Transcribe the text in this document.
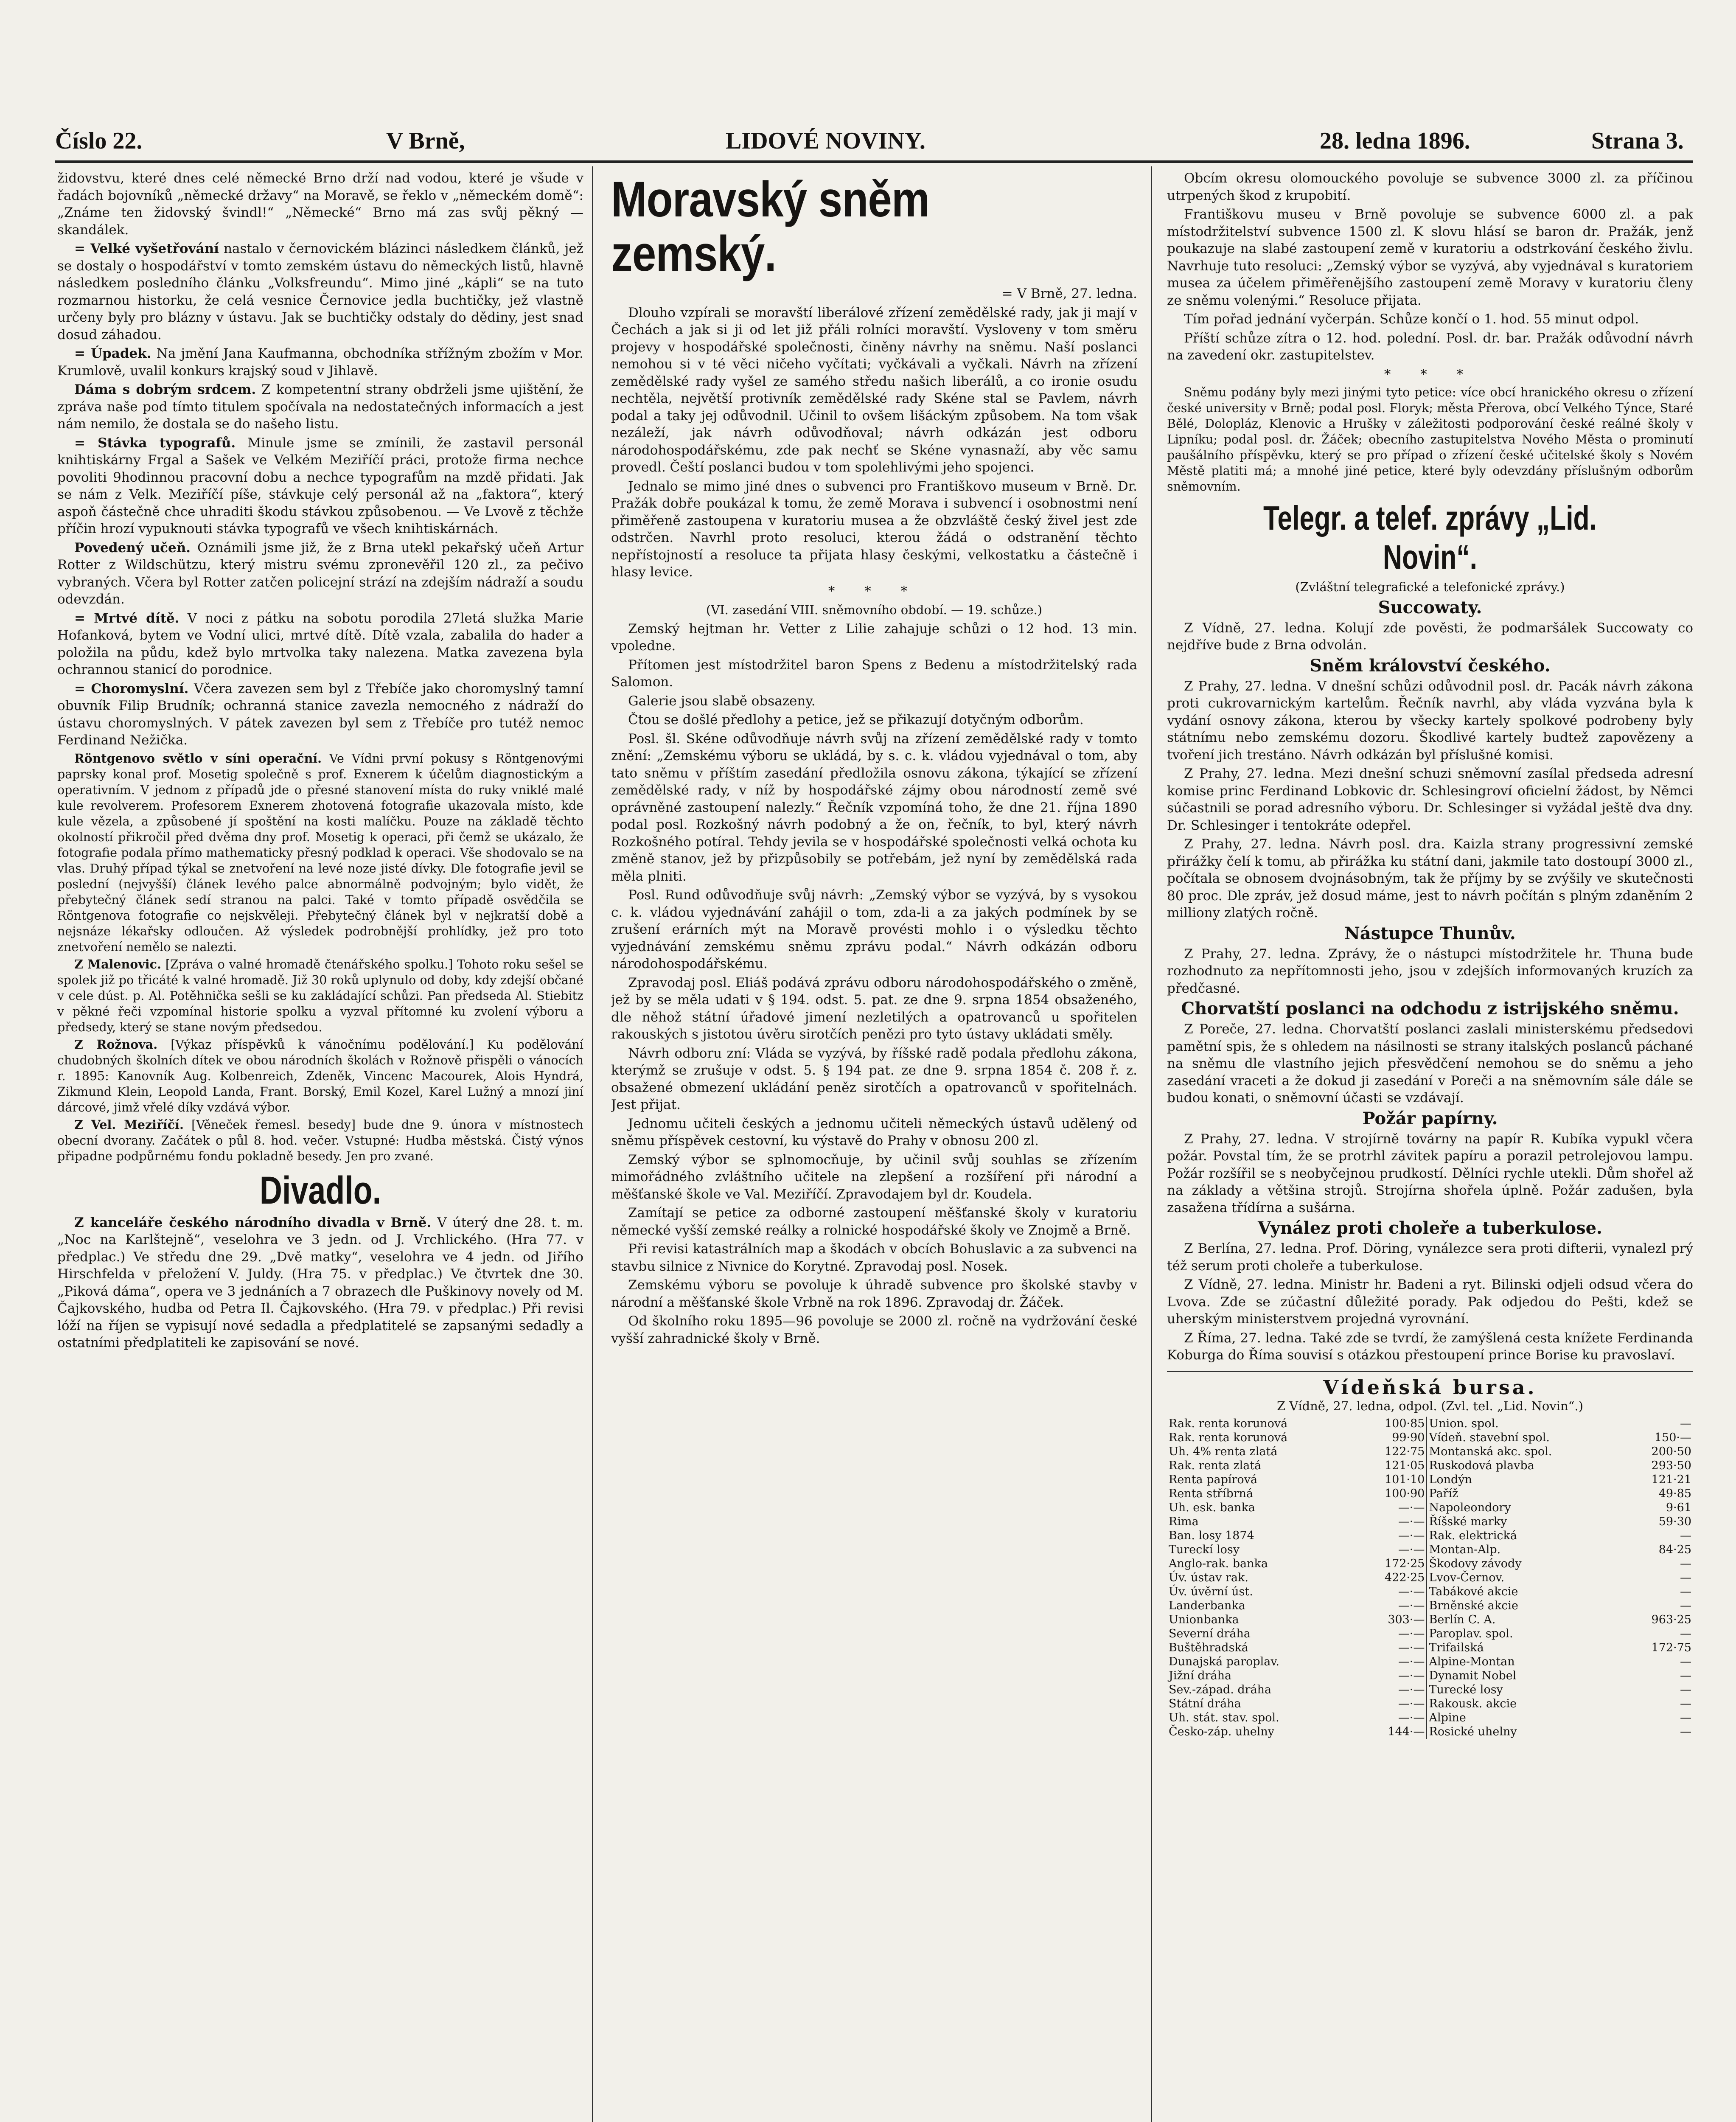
Číslo 22.	V Brně,	LIDOVÉ NOVINY.	28. ledna 1896.	Strana 3.

židovstvu, které dnes celé německé Brno drží nad vodou, které je všude v řadách bojovníků „německé državy“ na Moravě, se řeklo v „německém domě“: „Známe ten židovský švindl!“ „Německé“ Brno má zas svůj pěkný — skandálek.

= Velké vyšetřování nastalo v černovickém blázinci následkem článků, jež se dostaly o hospodářství v tomto zemském ústavu do německých listů, hlavně následkem posledního článku „Volksfreundu“. Mimo jiné „kápli“ se na tuto rozmarnou historku, že celá vesnice Černovice jedla buchtičky, jež vlastně určeny byly pro blázny v ústavu. Jak se buchtičky odstaly do dědiny, jest snad dosud záhadou.

= Úpadek. Na jmění Jana Kaufmanna, obchodníka střížným zbožím v Mor. Krumlově, uvalil konkurs krajský soud v Jihlavě.

Dáma s dobrým srdcem. Z kompetentní strany obdrželi jsme ujištění, že zpráva naše pod tímto titulem spočívala na nedostatečných informacích a jest nám nemilo, že dostala se do našeho listu.

= Stávka typografů. Minule jsme se zmínili, že zastavil personál knihtiskárny Frgal a Sašek ve Velkém Meziříčí práci, protože firma nechce povoliti 9hodinnou pracovní dobu a nechce typografům na mzdě přidati. Jak se nám z Velk. Meziříčí píše, stávkuje celý personál až na „faktora“, který aspoň částečně chce uhraditi škodu stávkou způsobenou. — Ve Lvově z těchže příčin hrozí vypuknouti stávka typografů ve všech knihtiskárnách.

Povedený učeň. Oznámili jsme již, že z Brna utekl pekařský učeň Artur Rotter z Wildschützu, který mistru svému zpronevěřil 120 zl., za pečivo vybraných. Včera byl Rotter zatčen policejní strází na zdejším nádraží a soudu odevzdán.

= Mrtvé dítě. V noci z pátku na sobotu porodila 27letá služka Marie Hofanková, bytem ve Vodní ulici, mrtvé dítě. Dítě vzala, zabalila do hader a položila na půdu, kdež bylo mrtvolka taky nalezena. Matka zavezena byla ochrannou stanicí do porodnice.

= Choromyslní. Včera zavezen sem byl z Třebíče jako choromyslný tamní obuvník Filip Brudník; ochranná stanice zavezla nemocného z nádraží do ústavu choromyslných. V pátek zavezen byl sem z Třebíče pro tutéž nemoc Ferdinand Nežička.

Röntgenovo světlo v síni operační. Ve Vídni první pokusy s Röntgenovými paprsky konal prof. Mosetig společně s prof. Exnerem k účelům diagnostickým a operativním. V jednom z případů jde o přesné stanovení místa do ruky vniklé malé kule revolverem. Profesorem Exnerem zhotovená fotografie ukazovala místo, kde kule vězela, a způsobené jí spoštění na kosti malíčku. Pouze na základě těchto okolností přikročil před dvěma dny prof. Mosetig k operaci, při čemž se ukázalo, že fotografie podala přímo mathematicky přesný podklad k operaci. Vše shodovalo se na vlas. Druhý případ týkal se znetvoření na levé noze jisté dívky. Dle fotografie jevil se poslední (nejvyšší) článek levého palce abnormálně podvojným; bylo vidět, že přebytečný článek sedí stranou na palci. Také v tomto případě osvědčila se Röntgenova fotografie co nejskvěleji. Přebytečný článek byl v nejkratší době a nejsnáze lékařsky odloučen. Až výsledek podrobnější prohlídky, jež pro toto znetvoření nemělo se nalezti.

Z Malenovic. [Zpráva o valné hromadě čtenářského spolku.] Tohoto roku sešel se spolek již po třicáté k valné hromadě. Již 30 roků uplynulo od doby, kdy zdejší občané v cele dúst. p. Al. Potěhnička sešli se ku zakládající schůzi. Pan předseda Al. Stiebitz v pěkné řeči vzpomínal historie spolku a vyzval přítomné ku zvolení výboru a předsedy, který se stane novým předsedou.

Z Rožnova. [Výkaz příspěvků k vánočnímu podělování.] Ku podělování chudobných školních dítek ve obou národních školách v Rožnově přispěli o vánocích r. 1895: Kanovník Aug. Kolbenreich, Zdeněk, Vincenc Macourek, Alois Hyndrá, Zikmund Klein, Leopold Landa, Frant. Borský, Emil Kozel, Karel Lužný a mnozí jiní dárcové, jimž vřelé díky vzdává výbor.

Z Vel. Meziříčí. [Věneček řemesl. besedy] bude dne 9. února v místnostech obecní dvorany. Začátek o půl 8. hod. večer. Vstupné: Hudba městská. Čistý výnos připadne podpůrnému fondu pokladně besedy. Jen pro zvané.

Divadlo.

Z kanceláře českého národního divadla v Brně. V úterý dne 28. t. m. „Noc na Karlštejně“, veselohra ve 3 jedn. od J. Vrchlického. (Hra 77. v předplac.) Ve středu dne 29. „Dvě matky“, veselohra ve 4 jedn. od Jiřího Hirschfelda v přeložení V. Juldy. (Hra 75. v předplac.) Ve čtvrtek dne 30. „Piková dáma“, opera ve 3 jednáních a 7 obrazech dle Puškinovy novely od M. Čajkovského, hudba od Petra Il. Čajkovského. (Hra 79. v předplac.) Při revisi lóží na říjen se vypisují nové sedadla a předplatitelé se zapsanými sedadly a ostatními předplatiteli ke zapisování se nové.

Moravský sněm zemský.

= V Brně, 27. ledna.

Dlouho vzpírali se moravští liberálové zřízení zemědělské rady, jak ji mají v Čechách a jak si ji od let již přáli rolníci moravští. Vysloveny v tom směru projevy v hospodářské společnosti, činěny návrhy na sněmu. Naší poslanci nemohou si v té věci ničeho vyčítati; vyčkávali a vyčkali. Návrh na zřízení zemědělské rady vyšel ze samého středu našich liberálů, a co ironie osudu nechtěla, největší protivník zemědělské rady Skéne stal se Pavlem, návrh podal a taky jej odůvodnil. Učinil to ovšem lišáckým způsobem. Na tom však nezáleží, jak návrh odůvodňoval; návrh odkázán jest odboru národohospodářskému, zde pak nechť se Skéne vynasnaží, aby věc samu provedl. Čeští poslanci budou v tom spolehlivými jeho spojenci.

Jednalo se mimo jiné dnes o subvenci pro Františkovo museum v Brně. Dr. Pražák dobře poukázal k tomu, že země Morava i subvencí i osobnostmi není přiměřeně zastoupena v kuratoriu musea a že obzvláště český živel jest zde odstrčen. Navrhl proto resoluci, kterou žádá o odstranění těchto nepřístojností a resoluce ta přijata hlasy českými, velkostatku a částečně i hlasy levice.

* * *

(VI. zasedání VIII. sněmovního období. — 19. schůze.)

Zemský hejtman hr. Vetter z Lilie zahajuje schůzi o 12 hod. 13 min. vpoledne.

Přítomen jest místodržitel baron Spens z Bedenu a místodržitelský rada Salomon.

Galerie jsou slabě obsazeny.

Čtou se došlé předlohy a petice, jež se přikazují dotyčným odborům.

Posl. šl. Skéne odůvodňuje návrh svůj na zřízení zemědělské rady v tomto znění: „Zemskému výboru se ukládá, by s. c. k. vládou vyjednával o tom, aby tato sněmu v příštím zasedání předložila osnovu zákona, týkající se zřízení zemědělské rady, v níž by hospodářské zájmy obou národností země své oprávněné zastoupení nalezly.“ Řečník vzpomíná toho, že dne 21. října 1890 podal posl. Rozkošný návrh podobný a že on, řečník, to byl, který návrh Rozkošného potíral. Tehdy jevila se v hospodářské společnosti velká ochota ku změně stanov, jež by přizpůsobily se potřebám, jež nyní by zemědělská rada měla plniti.

Posl. Rund odůvodňuje svůj návrh: „Zemský výbor se vyzývá, by s vysokou c. k. vládou vyjednávání zahájil o tom, zda-li a za jakých podmínek by se zrušení erárních mýt na Moravě provésti mohlo i o výsledku těchto vyjednávání zemskému sněmu zprávu podal.“ Návrh odkázán odboru národohospodářskému.

Zpravodaj posl. Eliáš podává zprávu odboru národohospodářského o změně, jež by se měla udati v § 194. odst. 5. pat. ze dne 9. srpna 1854 obsaženého, dle něhož státní úřadové jimení nezletilých a opatrovanců u spořitelen rakouských s jistotou úvěru sirotčích penězi pro tyto ústavy ukládati směly.

Návrh odboru zní: Vláda se vyzývá, by říšské radě podala předlohu zákona, kterýmž se zrušuje v odst. 5. § 194 pat. ze dne 9. srpna 1854 č. 208 ř. z. obsažené obmezení ukládání peněz sirotčích a opatrovanců v spořitelnách. Jest přijat.

Jednomu učiteli českých a jednomu učiteli německých ústavů udělený od sněmu příspěvek cestovní, ku výstavě do Prahy v obnosu 200 zl.

Zemský výbor se splnomocňuje, by učinil svůj souhlas se zřízením mimořádného zvláštního učitele na zlepšení a rozšíření při národní a měšťanské škole ve Val. Meziříčí. Zpravodajem byl dr. Koudela.

Zamítají se petice za odborné zastoupení měšťanské školy v kuratoriu německé vyšší zemské reálky a rolnické hospodářské školy ve Znojmě a Brně.

Při revisi katastrálních map a škodách v obcích Bohuslavic a za subvenci na stavbu silnice z Nivnice do Korytné. Zpravodaj posl. Nosek.

Zemskému výboru se povoluje k úhradě subvence pro školské stavby v národní a měšťanské škole Vrbně na rok 1896. Zpravodaj dr. Žáček.

Od školního roku 1895—96 povoluje se 2000 zl. ročně na vydržování české vyšší zahradnické školy v Brně.

Obcím okresu olomouckého povoluje se subvence 3000 zl. za příčinou utrpených škod z krupobití.

Františkovu museu v Brně povoluje se subvence 6000 zl. a pak místodržitelství subvence 1500 zl. K slovu hlásí se baron dr. Pražák, jenž poukazuje na slabé zastoupení země v kuratoriu a odstrkování českého živlu. Navrhuje tuto resoluci: „Zemský výbor se vyzývá, aby vyjednával s kuratoriem musea za účelem přiměřenějšího zastoupení země Moravy v kuratoriu členy ze sněmu volenými.“ Resoluce přijata.

Tím pořad jednání vyčerpán. Schůze končí o 1. hod. 55 minut odpol.

Příští schůze zítra o 12. hod. polední. Posl. dr. bar. Pražák odůvodní návrh na zavedení okr. zastupitelstev.

* * *

Sněmu podány byly mezi jinými tyto petice: více obcí hranického okresu o zřízení české university v Brně; podal posl. Floryk; města Přerova, obcí Velkého Týnce, Staré Bělé, Dolopláz, Klenovic a Hrušky v záležitosti podporování české reálné školy v Lipníku; podal posl. dr. Žáček; obecního zastupitelstva Nového Města o prominutí paušálního příspěvku, který se pro případ o zřízení české učitelské školy s Novém Městě platiti má; a mnohé jiné petice, které byly odevzdány příslušným odborům sněmovním.

Telegr. a telef. zprávy „Lid. Novin“.

(Zvláštní telegrafické a telefonické zprávy.)

Succowaty.

Z Vídně, 27. ledna. Kolují zde pověsti, že podmaršálek Succowaty co nejdříve bude z Brna odvolán.

Sněm království českého.

Z Prahy, 27. ledna. V dnešní schůzi odůvodnil posl. dr. Pacák návrh zákona proti cukrovarnickým kartelům. Řečník navrhl, aby vláda vyzvána byla k vydání osnovy zákona, kterou by všecky kartely spolkové podrobeny byly státnímu nebo zemskému dozoru. Škodlivé kartely budtež zapovězeny a tvoření jich trestáno. Návrh odkázán byl příslušné komisi.

Z Prahy, 27. ledna. Mezi dnešní schuzi sněmovní zasílal předseda adresní komise princ Ferdinand Lobkovic dr. Schlesingroví oficielní žádost, by Němci súčastnili se porad adresního výboru. Dr. Schlesinger si vyžádal ještě dva dny. Dr. Schlesinger i tentokráte odepřel.

Z Prahy, 27. ledna. Návrh posl. dra. Kaizla strany progressivní zemské přirážky čelí k tomu, ab přirážka ku státní dani, jakmile tato dostoupí 3000 zl., počítala se obnosem dvojnásobným, tak že příjmy by se zvýšily ve skutečnosti 80 proc. Dle zpráv, jež dosud máme, jest to návrh počítán s plným zdaněním 2 milliony zlatých ročně.

Nástupce Thunův.

Z Prahy, 27. ledna. Zprávy, že o nástupci místodržitele hr. Thuna bude rozhodnuto za nepřítomnosti jeho, jsou v zdejších informovaných kruzích za předčasné.

Chorvatští poslanci na odchodu z istrijského sněmu.

Z Poreče, 27. ledna. Chorvatští poslanci zaslali ministerskému předsedovi pamětní spis, že s ohledem na násilnosti se strany italských poslanců páchané na sněmu dle vlastního jejich přesvědčení nemohou se do sněmu a jeho zasedání vraceti a že dokud ji zasedání v Poreči a na sněmovním sále dále se budou konati, o sněmovní účasti se vzdávají.

Požár papírny.

Z Prahy, 27. ledna. V strojírně továrny na papír R. Kubíka vypukl včera požár. Povstal tím, že se protrhl závitek papíru a porazil petrolejovou lampu. Požár rozšířil se s neobyčejnou prudkostí. Dělníci rychle utekli. Dům shořel až na základy a většina strojů. Strojírna shořela úplně. Požár zadušen, byla zasažena třídírna a sušárna.

Vynález proti choleře a tuberkulose.

Z Berlína, 27. ledna. Prof. Döring, vynálezce sera proti difterii, vynalezl prý též serum proti choleře a tuberkulose.

Z Vídně, 27. ledna. Ministr hr. Badeni a ryt. Bilinski odjeli odsud včera do Lvova. Zde se zúčastní důležité porady. Pak odjedou do Pešti, kdež se uherským ministerstvem projedná vyrovnání.

Z Říma, 27. ledna. Také zde se tvrdí, že zamýšlená cesta knížete Ferdinanda Koburga do Říma souvisí s otázkou přestoupení prince Borise ku pravoslaví.

Vídeňská bursa.

Z Vídně, 27. ledna, odpol. (Zvl. tel. „Lid. Novin“.)

Rak. renta korunová	100·85	Union. spol.	—
Rak. renta korunová	99·90	Vídeň. stavební spol.	150·—
Uh. 4% renta zlatá	122·75	Montanská akc. spol.	200·50
Rak. renta zlatá	121·05	Ruskodová plavba	293·50
Renta papírová	101·10	Londýn	121·21
Renta stříbrná	100·90	Paříž	49·85
Uh. esk. banka	—·—	Napoleondory	9·61
Rima	—·—	Říšské marky	59·30
Ban. losy 1874	—·—	Rak. elektrická	—
Tureckí losy	—·—	Montan-Alp.	84·25
Anglo-rak. banka	172·25	Škodovy závody	—
Úv. ústav rak.	422·25	Lvov-Černov.	—
Úv. úvěrní úst.	—·—	Tabákové akcie	—
Landerbanka	—·—	Brněnské akcie	—
Unionbanka	303·—	Berlín C. A.	963·25
Severní dráha	—·—	Paroplav. spol.	—
Buštěhradská	—·—	Trifailská	172·75
Dunajská paroplav.	—·—	Alpine-Montan	—
Jižní dráha	—·—	Dynamit Nobel	—
Sev.-západ. dráha	—·—	Turecké losy	—
Státní dráha	—·—	Rakousk. akcie	—
Uh. stát. stav. spol.	—·—	Alpine	—
Česko-záp. uhelny	144·—	Rosické uhelny	—
